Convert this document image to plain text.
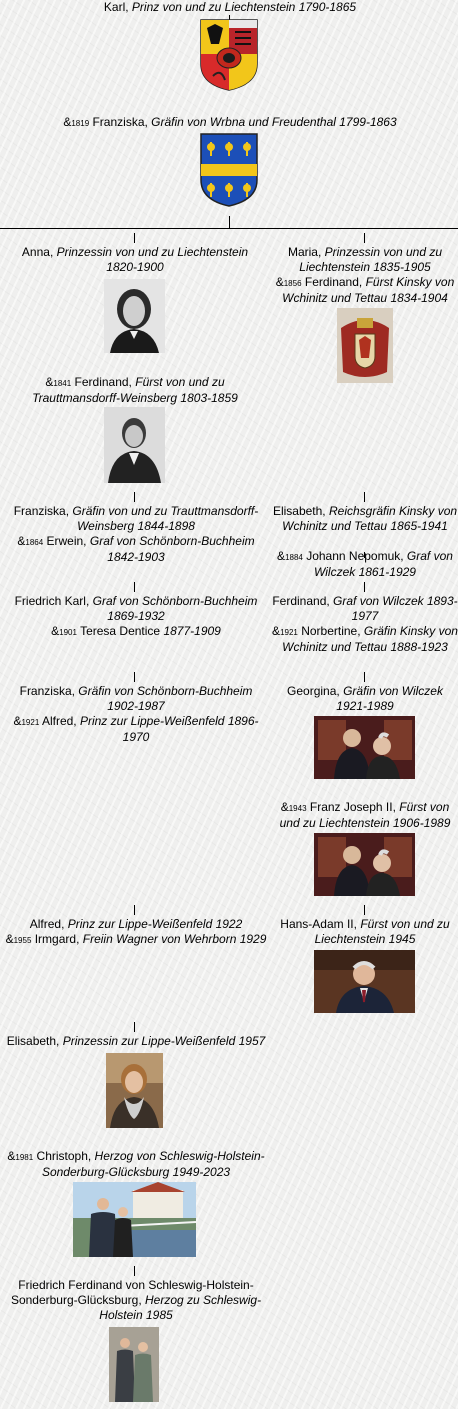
Karl, Prinz von und zu Liechtenstein 1790-1865
&1819 Franziska, Gräfin von Wrbna und Freudenthal 1799-1863
Anna, Prinzessin von und zu Liechtenstein 1820-1900
&1841 Ferdinand, Fürst von und zu Trauttmansdorff-Weinsberg 1803-1859
Franziska, Gräfin von und zu Trauttmansdorff-Weinsberg 1844-1898
&1864 Erwein, Graf von Schönborn-Buchheim 1842-1903
Friedrich Karl, Graf von Schönborn-Buchheim 1869-1932
&1901 Teresa Dentice 1877-1909
Franziska, Gräfin von Schönborn-Buchheim 1902-1987
&1921 Alfred, Prinz zur Lippe-Weißenfeld 1896-1970
Alfred, Prinz zur Lippe-Weißenfeld 1922
&1955 Irmgard, Freiin Wagner von Wehrborn 1929
Maria, Prinzessin von und zu Liechtenstein 1835-1905
&1856 Ferdinand, Fürst Kinsky von Wchinitz und Tettau 1834-1904
Elisabeth, Reichsgräfin Kinsky von Wchinitz und Tettau 1865-1941
&1884 Johann Nepomuk, Graf von Wilczek 1861-1929
Ferdinand, Graf von Wilczek 1893-1977
&1921 Norbertine, Gräfin Kinsky von Wchinitz und Tettau 1888-1923
Georgina, Gräfin von Wilczek 1921-1989
&1943 Franz Joseph II, Fürst von und zu Liechtenstein 1906-1989
Hans-Adam II, Fürst von und zu Liechtenstein 1945
Elisabeth, Prinzessin zur Lippe-Weißenfeld 1957
&1981 Christoph, Herzog von Schleswig-Holstein-Sonderburg-Glücksburg 1949-2023
Friedrich Ferdinand von Schleswig-Holstein-Sonderburg-Glücksburg, Herzog zu Schleswig-Holstein 1985
